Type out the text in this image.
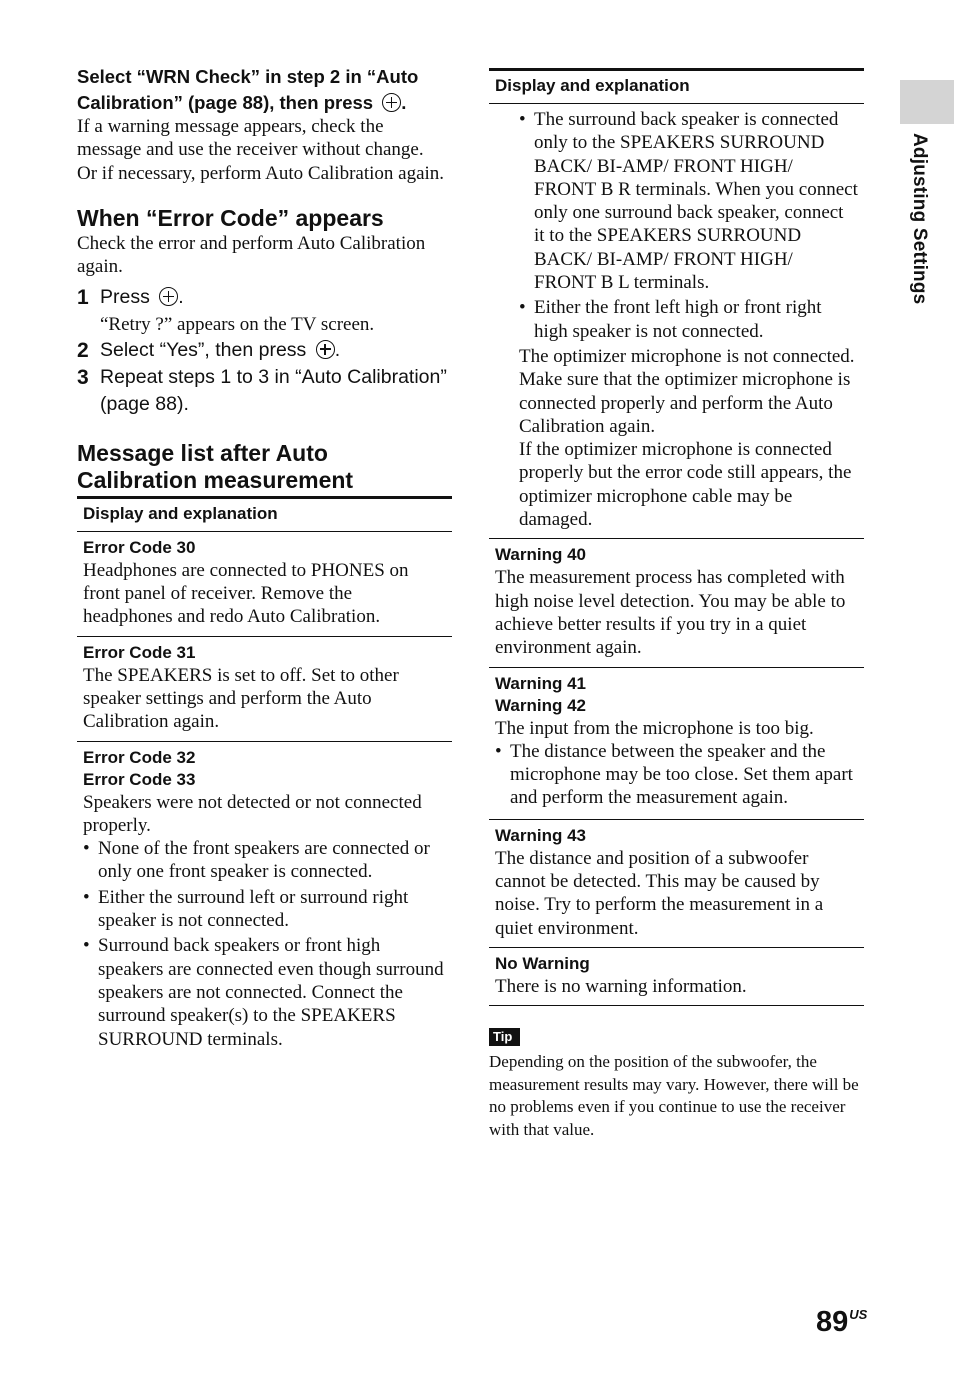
Adjusting Settings
Select “WRN Check” in step 2 in “Auto
Calibration” (page 88), then press .
If a warning message appears, check the message and use the receiver without change.
Or if necessary, perform Auto Calibration again.
When “Error Code” appears
Check the error and perform Auto Calibration again.
1 Press .
“Retry ?” appears on the TV screen.
2 Select “Yes”, then press .
3 Repeat steps 1 to 3 in “Auto Calibration” (page 88).
Message list after Auto
Calibration measurement
Display and explanation
Error Code 30
Headphones are connected to PHONES on front panel of receiver. Remove the headphones and redo Auto Calibration.
Error Code 31
The SPEAKERS is set to off. Set to other speaker settings and perform the Auto Calibration again.
Error Code 32
Error Code 33
Speakers were not detected or not connected properly.
• None of the front speakers are connected or only one front speaker is connected.
• Either the surround left or surround right speaker is not connected.
• Surround back speakers or front high speakers are connected even though surround speakers are not connected. Connect the surround speaker(s) to the SPEAKERS SURROUND terminals.
Display and explanation
• The surround back speaker is connected only to the SPEAKERS SURROUND BACK/ BI-AMP/ FRONT HIGH/ FRONT B R terminals. When you connect only one surround back speaker, connect it to the SPEAKERS SURROUND BACK/ BI-AMP/ FRONT HIGH/ FRONT B L terminals.
• Either the front left high or front right high speaker is not connected.
The optimizer microphone is not connected. Make sure that the optimizer microphone is connected properly and perform the Auto Calibration again.
If the optimizer microphone is connected properly but the error code still appears, the optimizer microphone cable may be damaged.
Warning 40
The measurement process has completed with high noise level detection. You may be able to achieve better results if you try in a quiet environment again.
Warning 41
Warning 42
The input from the microphone is too big.
• The distance between the speaker and the microphone may be too close. Set them apart and perform the measurement again.
Warning 43
The distance and position of a subwoofer cannot be detected. This may be caused by noise. Try to perform the measurement in a quiet environment.
No Warning
There is no warning information.
Tip
Depending on the position of the subwoofer, the measurement results may vary. However, there will be no problems even if you continue to use the receiver with that value.
$89^{US}$
